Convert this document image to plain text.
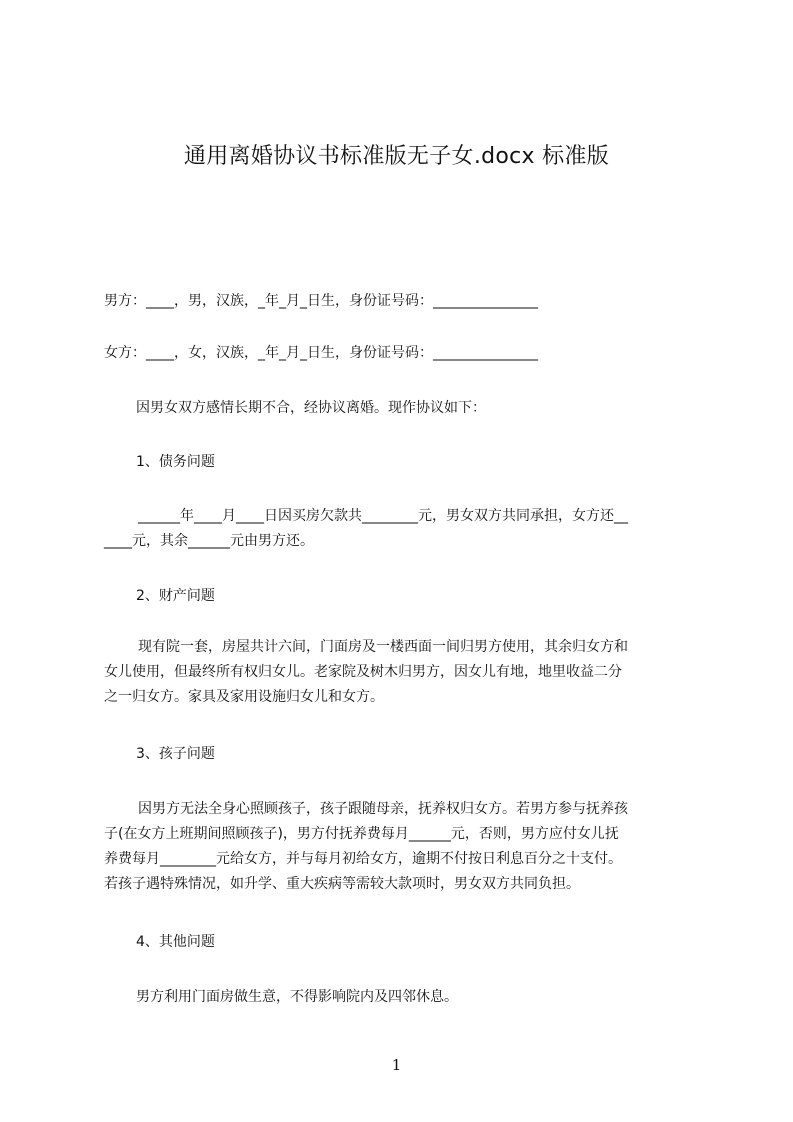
通用离婚协议书标准版无子女.docx 标准版

男方：____，男，汉族，_年_月_日生，身份证号码：_______________

女方：____，女，汉族，_年_月_日生，身份证号码：_______________

因男女双方感情长期不合，经协议离婚。现作协议如下：

1、债务问题

______年____月____日因买房欠款共________元，男女双方共同承担，女方还__
____元，其余______元由男方还。

2、财产问题

现有院一套，房屋共计六间，门面房及一楼西面一间归男方使用，其余归女方和
女儿使用，但最终所有权归女儿。老家院及树木归男方，因女儿有地，地里收益二分
之一归女方。家具及家用设施归女儿和女方。

3、孩子问题

因男方无法全身心照顾孩子，孩子跟随母亲，抚养权归女方。若男方参与抚养孩
子(在女方上班期间照顾孩子)，男方付抚养费每月______元，否则，男方应付女儿抚
养费每月________元给女方，并与每月初给女方，逾期不付按日利息百分之十支付。
若孩子遇特殊情况，如升学、重大疾病等需较大款项时，男女双方共同负担。

4、其他问题

男方利用门面房做生意，不得影响院内及四邻休息。

1
